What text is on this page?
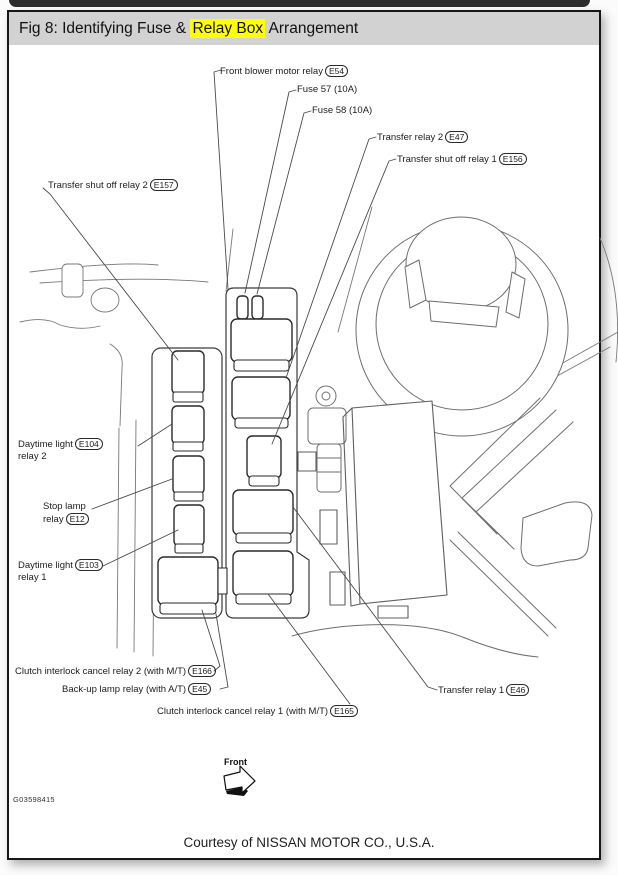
Fig 8: Identifying Fuse & Relay Box Arrangement
Front blower motor relay E54
Fuse 57 (10A)
Fuse 58 (10A)
Transfer relay 2 E47
Transfer shut off relay 1 E156
Transfer shut off relay 2 E157
Daytime light E104
relay 2
Stop lamp
relay E12
Daytime light E103
relay 1
Clutch interlock cancel relay 2 (with M/T) E166
Back-up lamp relay (with A/T) E45
Clutch interlock cancel relay 1 (with M/T) E165
Transfer relay 1 E46
Front
G03598415
Courtesy of NISSAN MOTOR CO., U.S.A.
